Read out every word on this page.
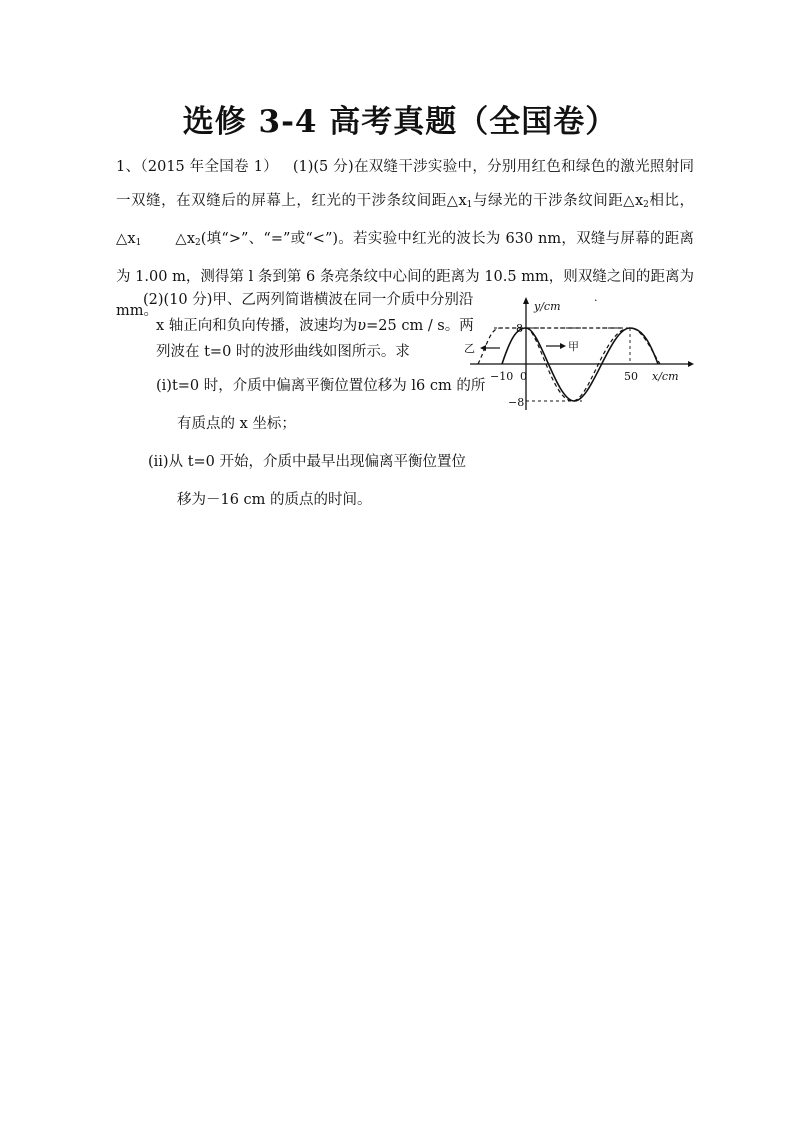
选修 3-4 高考真题（全国卷）
1、（2015 年全国卷 1） (1)(5 分)在双缝干涉实验中，分别用红色和绿色的激光照射同一双缝，在双缝后的屏幕上，红光的干涉条纹间距$\triangle x_1$与绿光的干涉条纹间距$\triangle x_2$相比，$\triangle x_1$ $\triangle x_2$(填“>”、“=”或“<”)。若实验中红光的波长为 630 nm，双缝与屏幕的距离为 1.00 m，测得第 l 条到第 6 条亮条纹中心间的距离为 10.5 mm，则双缝之间的距离为 mm。
(2)(10 分)甲、乙两列简谐横波在同一介质中分别沿
x 轴正向和负向传播，波速均为υ=25 cm / s。两
列波在 t=0 时的波形曲线如图所示。求
(i)t=0 时，介质中偏离平衡位置位移为 l6 cm 的所
有质点的 x 坐标；
(ii)从 t=0 开始，介质中最早出现偏离平衡位置位
移为－16 cm 的质点的时间。
y/cm
x/cm
8
−8
−10 0	50
甲
乙
·
